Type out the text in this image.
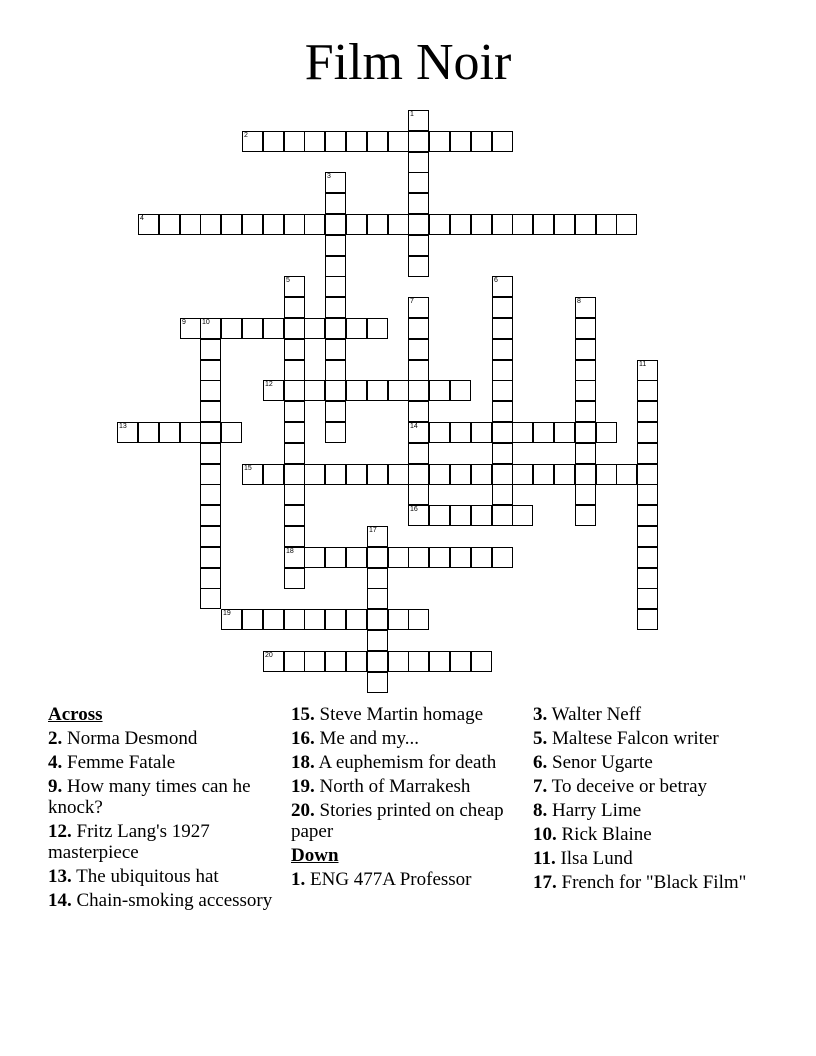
Film Noir
1
2
3
4
5
18
6
7
14
8
9 10
11
12
13
15
16
17
19
20
Across
2. Norma Desmond
4. Femme Fatale
9. How many times can he knock?
12. Fritz Lang's 1927 masterpiece
13. The ubiquitous hat
14. Chain-smoking accessory
15. Steve Martin homage
16. Me and my...
18. A euphemism for death
19. North of Marrakesh
20. Stories printed on cheap paper
Down
1. ENG 477A Professor
3. Walter Neff
5. Maltese Falcon writer
6. Senor Ugarte
7. To deceive or betray
8. Harry Lime
10. Rick Blaine
11. Ilsa Lund
17. French for "Black Film"
